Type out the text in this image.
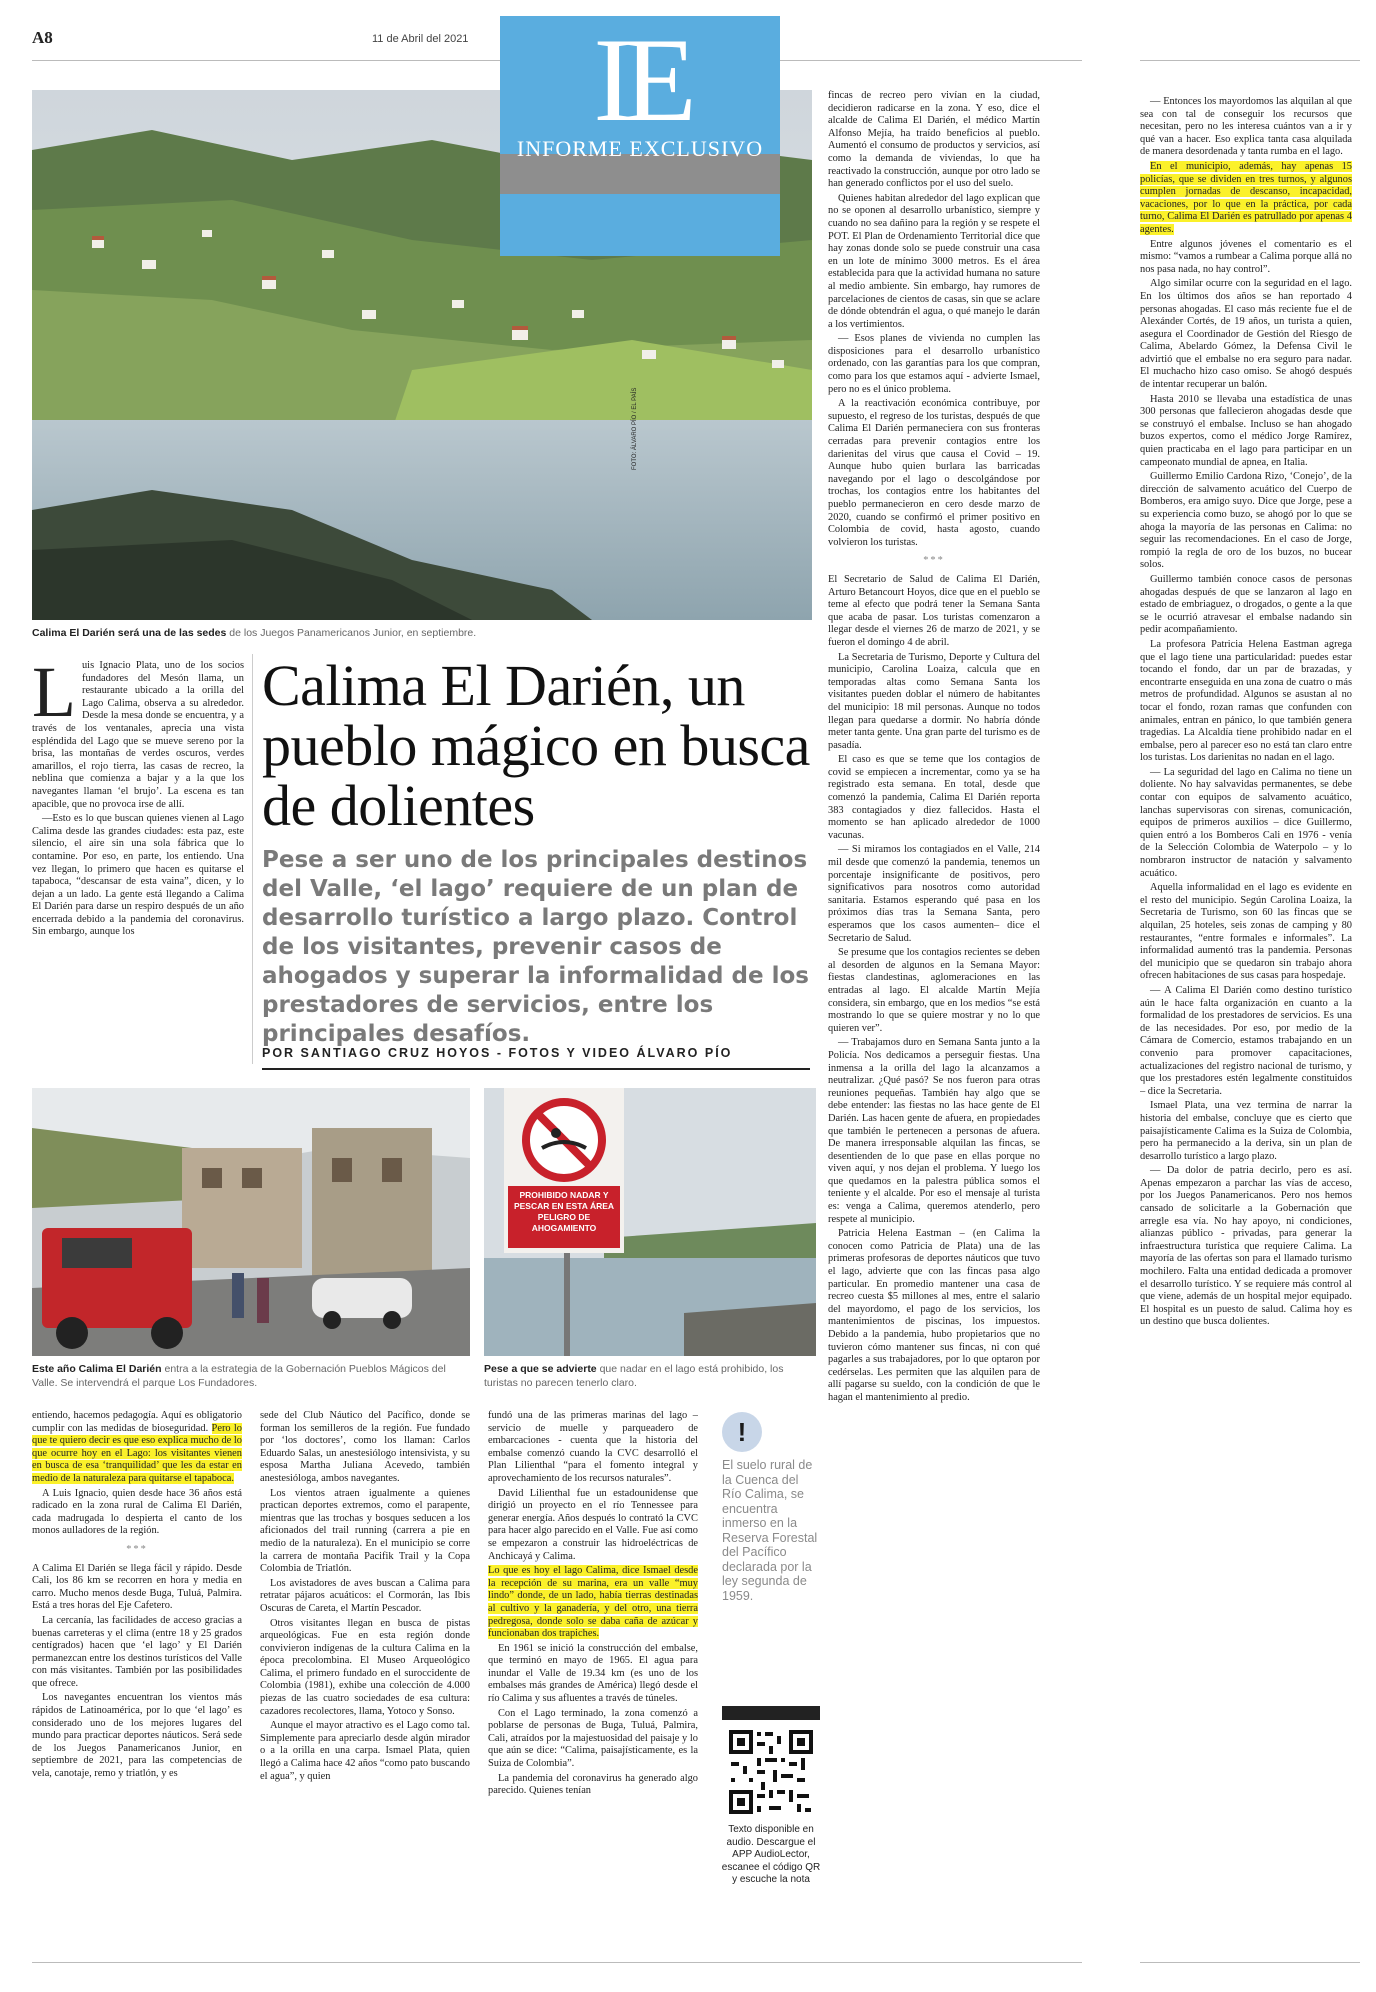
A8	11 de Abril del 2021
FOTO: ÁLVARO PÍO / EL PAÍS
IE
INFORME EXCLUSIVO
Calima El Darién será una de las sedes de los Juegos Panamericanos Junior, en septiembre.

Luis Ignacio Plata, uno de los socios fundadores del Mesón llama, un restaurante ubicado a la orilla del Lago Calima, observa a su alrededor. Desde la mesa donde se encuentra, y a través de los ventanales, aprecia una vista espléndida del Lago que se mueve sereno por la brisa, las montañas de verdes oscuros, verdes amarillos, el rojo tierra, las casas de recreo, la neblina que comienza a bajar y a la que los navegantes llaman ‘el brujo’. La escena es tan apacible, que no provoca irse de allí.

—Esto es lo que buscan quienes vienen al Lago Calima desde las grandes ciudades: esta paz, este silencio, el aire sin una sola fábrica que lo contamine. Por eso, en parte, los entiendo. Una vez llegan, lo primero que hacen es quitarse el tapaboca, “descansar de esta vaina”, dicen, y lo dejan a un lado. La gente está llegando a Calima El Darién para darse un respiro después de un año encerrada debido a la pandemia del coronavirus. Sin embargo, aunque los

Calima El Darién, un pueblo mágico en busca de dolientes
Pese a ser uno de los principales destinos del Valle, ‘el lago’ requiere de un plan de desarrollo turístico a largo plazo. Control de los visitantes, prevenir casos de ahogados y superar la informalidad de los prestadores de servicios, entre los principales desafíos.
POR SANTIAGO CRUZ HOYOS - FOTOS Y VIDEO ÁLVARO PÍO
Este año Calima El Darién entra a la estrategia de la Gobernación Pueblos Mágicos del Valle. Se intervendrá el parque Los Fundadores.
PROHIBIDO NADAR Y PESCAR EN ESTA ÁREA PELIGRO DE AHOGAMIENTO
Pese a que se advierte que nadar en el lago está prohibido, los turistas no parecen tenerlo claro.

entiendo, hacemos pedagogía. Aquí es obligatorio cumplir con las medidas de bioseguridad. Pero lo que te quiero decir es que eso explica mucho de lo que ocurre hoy en el Lago: los visitantes vienen en busca de esa ‘tranquilidad’ que les da estar en medio de la naturaleza para quitarse el tapaboca.

A Luis Ignacio, quien desde hace 36 años está radicado en la zona rural de Calima El Darién, cada madrugada lo despierta el canto de los monos aulladores de la región.

***

A Calima El Darién se llega fácil y rápido. Desde Cali, los 86 km se recorren en hora y media en carro. Mucho menos desde Buga, Tuluá, Palmira. Está a tres horas del Eje Cafetero.

La cercanía, las facilidades de acceso gracias a buenas carreteras y el clima (entre 18 y 25 grados centígrados) hacen que ‘el lago’ y El Darién permanezcan entre los destinos turísticos del Valle con más visitantes. También por las posibilidades que ofrece.

Los navegantes encuentran los vientos más rápidos de Latinoamérica, por lo que ‘el lago’ es considerado uno de los mejores lugares del mundo para practicar deportes náuticos. Será sede de los Juegos Panamericanos Junior, en septiembre de 2021, para las competencias de vela, canotaje, remo y triatlón, y es

sede del Club Náutico del Pacífico, donde se forman los semilleros de la región. Fue fundado por ‘los doctores’, como los llaman: Carlos Eduardo Salas, un anestesiólogo intensivista, y su esposa Martha Juliana Acevedo, también anestesióloga, ambos navegantes.

Los vientos atraen igualmente a quienes practican deportes extremos, como el parapente, mientras que las trochas y bosques seducen a los aficionados del trail running (carrera a pie en medio de la naturaleza). En el municipio se corre la carrera de montaña Pacifik Trail y la Copa Colombia de Triatlón.

Los avistadores de aves buscan a Calima para retratar pájaros acuáticos: el Cormorán, las Ibis Oscuras de Careta, el Martín Pescador.

Otros visitantes llegan en busca de pistas arqueológicas. Fue en esta región donde convivieron indígenas de la cultura Calima en la época precolombina. El Museo Arqueológico Calima, el primero fundado en el suroccidente de Colombia (1981), exhibe una colección de 4.000 piezas de las cuatro sociedades de esa cultura: cazadores recolectores, llama, Yotoco y Sonso.

Aunque el mayor atractivo es el Lago como tal. Simplemente para apreciarlo desde algún mirador o a la orilla en una carpa. Ismael Plata, quien llegó a Calima hace 42 años “como pato buscando el agua”, y quien

fundó una de las primeras marinas del lago – servicio de muelle y parqueadero de embarcaciones - cuenta que la historia del embalse comenzó cuando la CVC desarrolló el Plan Lilienthal “para el fomento integral y aprovechamiento de los recursos naturales”.

David Lilienthal fue un estadounidense que dirigió un proyecto en el río Tennessee para generar energía. Años después lo contrató la CVC para hacer algo parecido en el Valle. Fue así como se empezaron a construir las hidroeléctricas de Anchicayá y Calima.

Lo que es hoy el lago Calima, dice Ismael desde la recepción de su marina, era un valle “muy lindo” donde, de un lado, había tierras destinadas al cultivo y la ganadería, y del otro, una tierra pedregosa, donde solo se daba caña de azúcar y funcionaban dos trapiches.

En 1961 se inició la construcción del embalse, que terminó en mayo de 1965. El agua para inundar el Valle de 19.34 km (es uno de los embalses más grandes de América) llegó desde el río Calima y sus afluentes a través de túneles.

Con el Lago terminado, la zona comenzó a poblarse de personas de Buga, Tuluá, Palmira, Cali, atraídos por la majestuosidad del paisaje y lo que aún se dice: “Calima, paisajísticamente, es la Suiza de Colombia”.

La pandemia del coronavirus ha generado algo parecido. Quienes tenían

!
El suelo rural de la Cuenca del Río Calima, se encuentra inmerso en la Reserva Forestal del Pacífico declarada por la ley segunda de 1959.
Texto disponible en audio. Descargue el APP AudioLector, escanee el código QR y escuche la nota

fincas de recreo pero vivían en la ciudad, decidieron radicarse en la zona. Y eso, dice el alcalde de Calima El Darién, el médico Martín Alfonso Mejía, ha traído beneficios al pueblo. Aumentó el consumo de productos y servicios, así como la demanda de viviendas, lo que ha reactivado la construcción, aunque por otro lado se han generado conflictos por el uso del suelo.

Quienes habitan alrededor del lago explican que no se oponen al desarrollo urbanístico, siempre y cuando no sea dañino para la región y se respete el POT. El Plan de Ordenamiento Territorial dice que hay zonas donde solo se puede construir una casa en un lote de mínimo 3000 metros. Es el área establecida para que la actividad humana no sature al medio ambiente. Sin embargo, hay rumores de parcelaciones de cientos de casas, sin que se aclare de dónde obtendrán el agua, o qué manejo le darán a los vertimientos.

— Esos planes de vivienda no cumplen las disposiciones para el desarrollo urbanístico ordenado, con las garantías para los que compran, como para los que estamos aquí - advierte Ismael, pero no es el único problema.

A la reactivación económica contribuye, por supuesto, el regreso de los turistas, después de que Calima El Darién permaneciera con sus fronteras cerradas para prevenir contagios entre los darienitas del virus que causa el Covid – 19. Aunque hubo quien burlara las barricadas navegando por el lago o descolgándose por trochas, los contagios entre los habitantes del pueblo permanecieron en cero desde marzo de 2020, cuando se confirmó el primer positivo en Colombia de covid, hasta agosto, cuando volvieron los turistas.

***

El Secretario de Salud de Calima El Darién, Arturo Betancourt Hoyos, dice que en el pueblo se teme al efecto que podrá tener la Semana Santa que acaba de pasar. Los turistas comenzaron a llegar desde el viernes 26 de marzo de 2021, y se fueron el domingo 4 de abril.

La Secretaria de Turismo, Deporte y Cultura del municipio, Carolina Loaiza, calcula que en temporadas altas como Semana Santa los visitantes pueden doblar el número de habitantes del municipio: 18 mil personas. Aunque no todos llegan para quedarse a dormir. No habría dónde meter tanta gente. Una gran parte del turismo es de pasadía.

El caso es que se teme que los contagios de covid se empiecen a incrementar, como ya se ha registrado esta semana. En total, desde que comenzó la pandemia, Calima El Darién reporta 383 contagiados y diez fallecidos. Hasta el momento se han aplicado alrededor de 1000 vacunas.

— Si miramos los contagiados en el Valle, 214 mil desde que comenzó la pandemia, tenemos un porcentaje insignificante de positivos, pero significativos para nosotros como autoridad sanitaria. Estamos esperando qué pasa en los próximos días tras la Semana Santa, pero esperamos que los casos aumenten– dice el Secretario de Salud.

Se presume que los contagios recientes se deben al desorden de algunos en la Semana Mayor: fiestas clandestinas, aglomeraciones en las entradas al lago. El alcalde Martín Mejía considera, sin embargo, que en los medios “se está mostrando lo que se quiere mostrar y no lo que quieren ver”.

— Trabajamos duro en Semana Santa junto a la Policía. Nos dedicamos a perseguir fiestas. Una inmensa a la orilla del lago la alcanzamos a neutralizar. ¿Qué pasó? Se nos fueron para otras reuniones pequeñas. También hay algo que se debe entender: las fiestas no las hace gente de El Darién. Las hacen gente de afuera, en propiedades que también le pertenecen a personas de afuera. De manera irresponsable alquilan las fincas, se desentienden de lo que pase en ellas porque no viven aquí, y nos dejan el problema. Y luego los que quedamos en la palestra pública somos el teniente y el alcalde. Por eso el mensaje al turista es: venga a Calima, queremos atenderlo, pero respete al municipio.

Patricia Helena Eastman – (en Calima la conocen como Patricia de Plata) una de las primeras profesoras de deportes náuticos que tuvo el lago, advierte que con las fincas pasa algo particular. En promedio mantener una casa de recreo cuesta $5 millones al mes, entre el salario del mayordomo, el pago de los servicios, los mantenimientos de piscinas, los impuestos. Debido a la pandemia, hubo propietarios que no tuvieron cómo mantener sus fincas, ni con qué pagarles a sus trabajadores, por lo que optaron por cedérselas. Les permiten que las alquilen para de allí pagarse su sueldo, con la condición de que le hagan el mantenimiento al predio.

— Entonces los mayordomos las alquilan al que sea con tal de conseguir los recursos que necesitan, pero no les interesa cuántos van a ir y qué van a hacer. Eso explica tanta casa alquilada de manera desordenada y tanta rumba en el lago.

En el municipio, además, hay apenas 15 policías, que se dividen en tres turnos, y algunos cumplen jornadas de descanso, incapacidad, vacaciones, por lo que en la práctica, por cada turno, Calima El Darién es patrullado por apenas 4 agentes.

Entre algunos jóvenes el comentario es el mismo: “vamos a rumbear a Calima porque allá no nos pasa nada, no hay control”.

Algo similar ocurre con la seguridad en el lago. En los últimos dos años se han reportado 4 personas ahogadas. El caso más reciente fue el de Alexánder Cortés, de 19 años, un turista a quien, asegura el Coordinador de Gestión del Riesgo de Calima, Abelardo Gómez, la Defensa Civil le advirtió que el embalse no era seguro para nadar. El muchacho hizo caso omiso. Se ahogó después de intentar recuperar un balón.

Hasta 2010 se llevaba una estadística de unas 300 personas que fallecieron ahogadas desde que se construyó el embalse. Incluso se han ahogado buzos expertos, como el médico Jorge Ramírez, quien practicaba en el lago para participar en un campeonato mundial de apnea, en Italia.

Guillermo Emilio Cardona Rizo, ‘Conejo’, de la dirección de salvamento acuático del Cuerpo de Bomberos, era amigo suyo. Dice que Jorge, pese a su experiencia como buzo, se ahogó por lo que se ahoga la mayoría de las personas en Calima: no seguir las recomendaciones. En el caso de Jorge, rompió la regla de oro de los buzos, no bucear solos.

Guillermo también conoce casos de personas ahogadas después de que se lanzaron al lago en estado de embriaguez, o drogados, o gente a la que se le ocurrió atravesar el embalse nadando sin pedir acompañamiento.

La profesora Patricia Helena Eastman agrega que el lago tiene una particularidad: puedes estar tocando el fondo, dar un par de brazadas, y encontrarte enseguida en una zona de cuatro o más metros de profundidad. Algunos se asustan al no tocar el fondo, rozan ramas que confunden con animales, entran en pánico, lo que también genera tragedias. La Alcaldía tiene prohibido nadar en el embalse, pero al parecer eso no está tan claro entre los turistas. Los darienitas no nadan en el lago.

— La seguridad del lago en Calima no tiene un doliente. No hay salvavidas permanentes, se debe contar con equipos de salvamento acuático, lanchas supervisoras con sirenas, comunicación, equipos de primeros auxilios – dice Guillermo, quien entró a los Bomberos Cali en 1976 - venía de la Selección Colombia de Waterpolo – y lo nombraron instructor de natación y salvamento acuático.

Aquella informalidad en el lago es evidente en el resto del municipio. Según Carolina Loaiza, la Secretaria de Turismo, son 60 las fincas que se alquilan, 25 hoteles, seis zonas de camping y 80 restaurantes, “entre formales e informales”. La informalidad aumentó tras la pandemia. Personas del municipio que se quedaron sin trabajo ahora ofrecen habitaciones de sus casas para hospedaje.

— A Calima El Darién como destino turístico aún le hace falta organización en cuanto a la formalidad de los prestadores de servicios. Es una de las necesidades. Por eso, por medio de la Cámara de Comercio, estamos trabajando en un convenio para promover capacitaciones, actualizaciones del registro nacional de turismo, y que los prestadores estén legalmente constituidos – dice la Secretaria.

Ismael Plata, una vez termina de narrar la historia del embalse, concluye que es cierto que paisajísticamente Calima es la Suiza de Colombia, pero ha permanecido a la deriva, sin un plan de desarrollo turístico a largo plazo.

— Da dolor de patria decirlo, pero es así. Apenas empezaron a parchar las vías de acceso, por los Juegos Panamericanos. Pero nos hemos cansado de solicitarle a la Gobernación que arregle esa vía. No hay apoyo, ni condiciones, alianzas público - privadas, para generar la infraestructura turística que requiere Calima. La mayoría de las ofertas son para el llamado turismo mochilero. Falta una entidad dedicada a promover el desarrollo turístico. Y se requiere más control al que viene, además de un hospital mejor equipado. El hospital es un puesto de salud. Calima hoy es un destino que busca dolientes.
